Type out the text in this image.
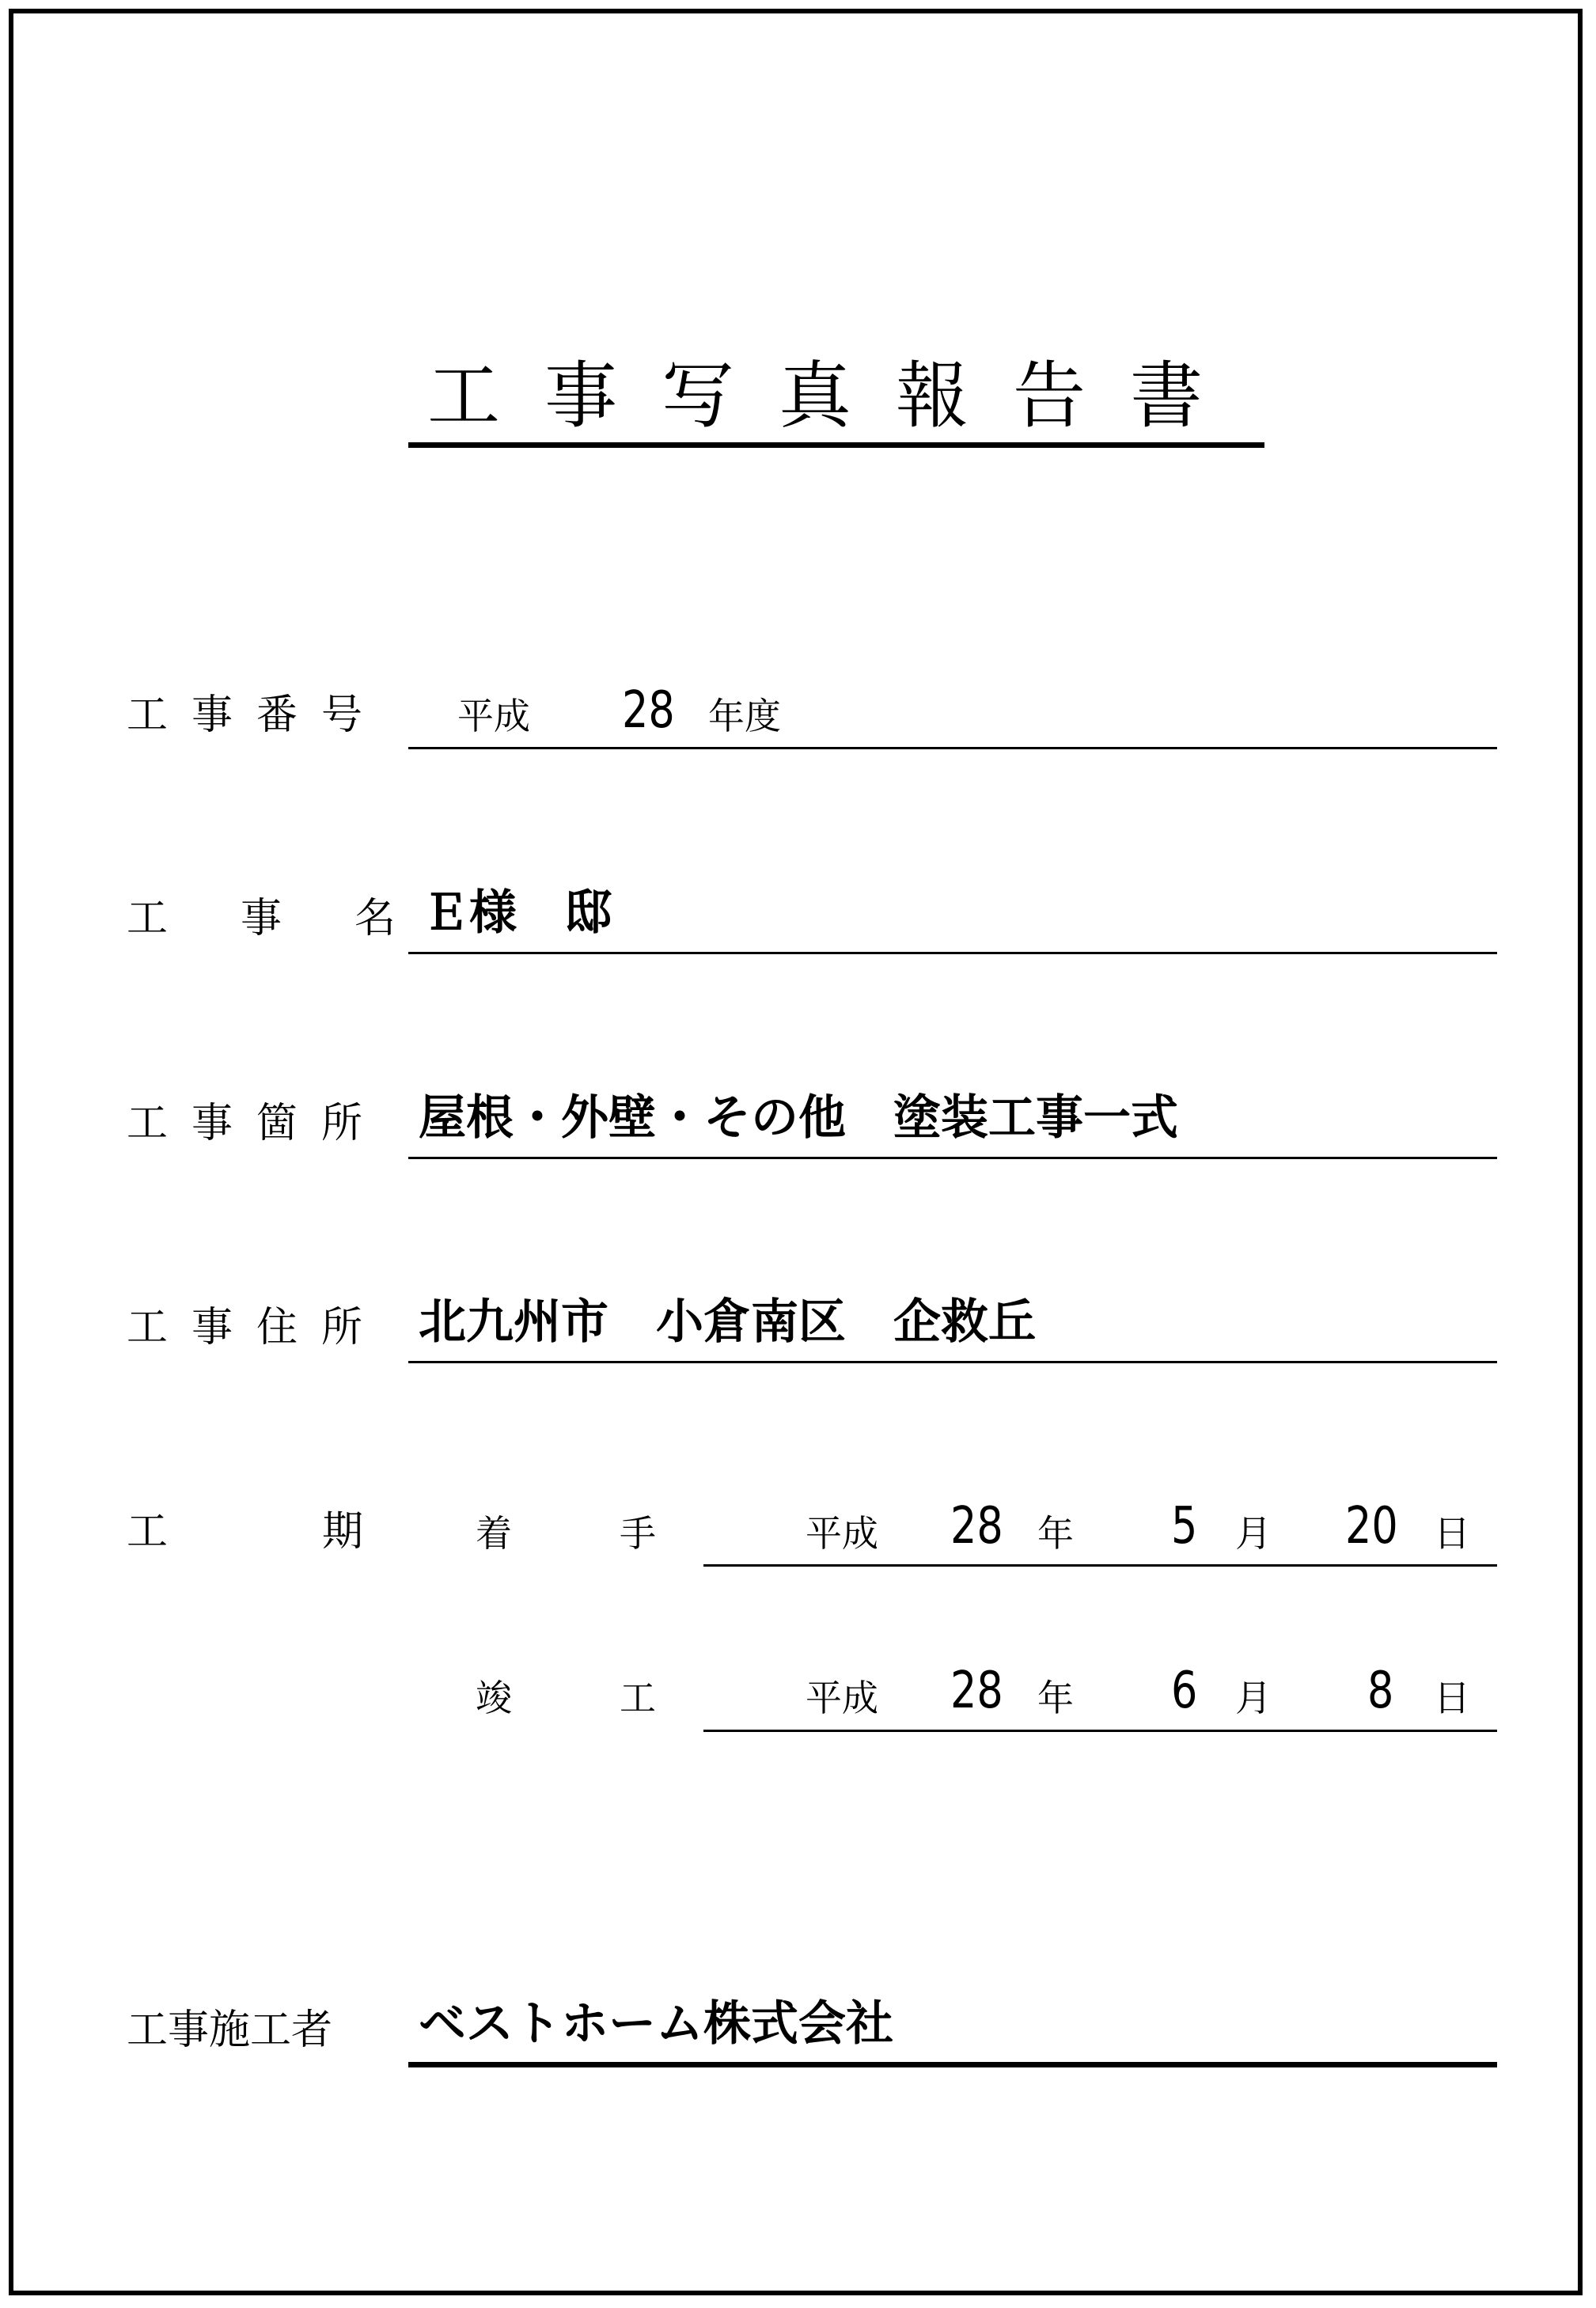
工事写真報告書
工事番号 平成 28 年度
工事名
Ｅ様　邸
工事箇所 屋根・外壁・その他　塗装工事一式
工事住所 北九州市　小倉南区　企救丘
工	期	着手 平成 28 年 5 月 20 日
竣工 平成 28 年 6 月 8 日
工事施工者 ベストホーム株式会社
